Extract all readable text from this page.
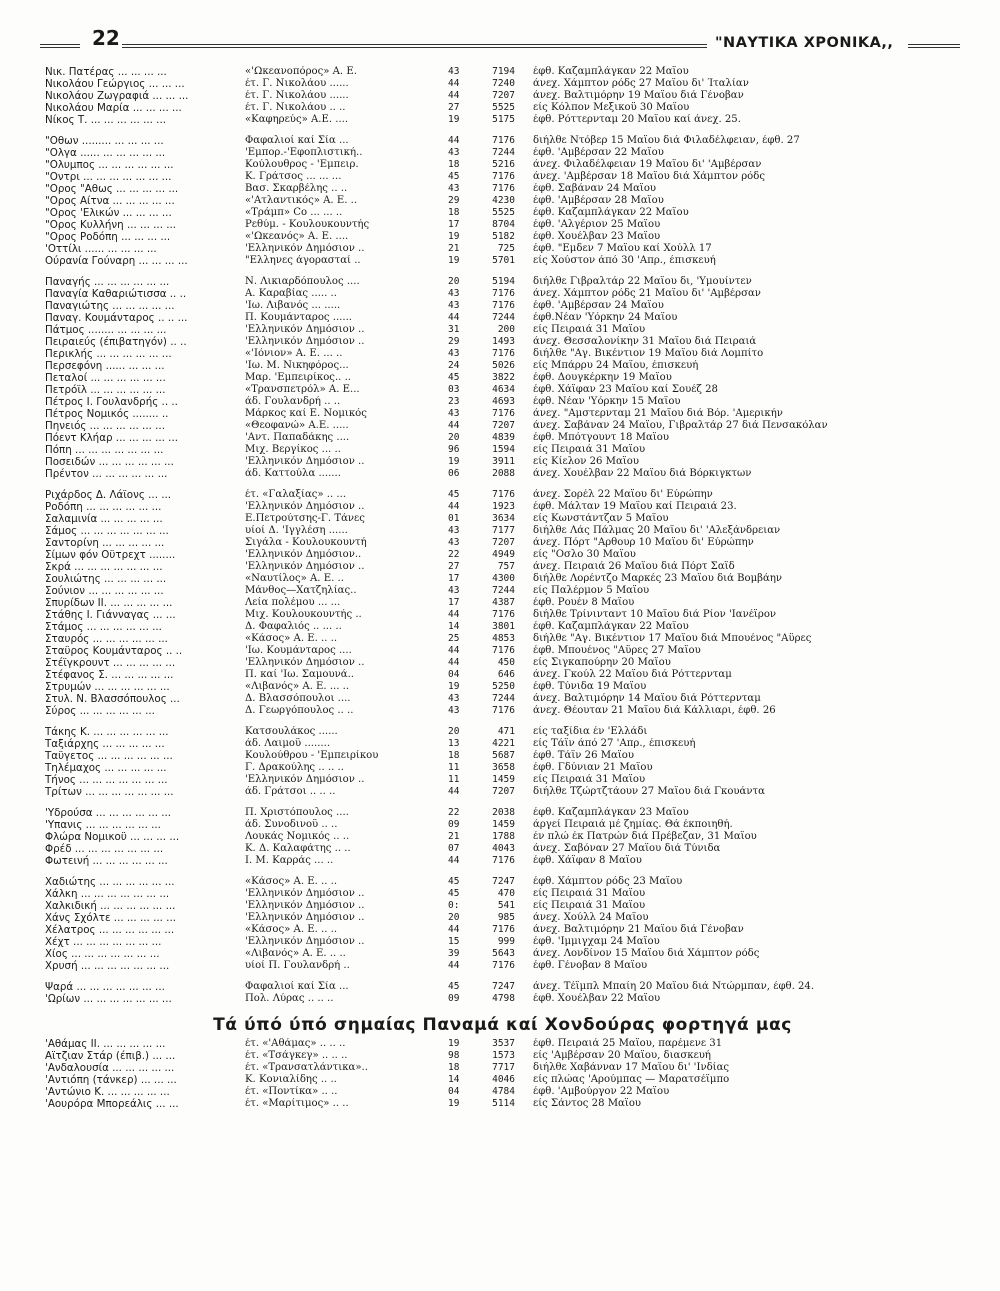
22	"ΝΑΥΤΙΚΑ ΧΡΟΝΙΚΑ,,
Νικ. Πατέρας ... ... ... ...	«'Ωκεανοπόρος» Α. Ε.	43	7194 έφθ. Καζαμπλάγκαν 22 Μαΐου
Νικολάου Γεώργιος ... ... ...	έτ. Γ. Νικολάου ......	44	7240 άνεχ. Χάμπτον ρόδς 27 Μαΐου δι' Ίταλίαν
Νικολάου Ζωγραφιά ... ... ...	έτ. Γ. Νικολάου ......	44	7207 άνεχ. Βαλτιμόρην 19 Μαΐου διά Γένοβαν
Νικολάου Μαρία ... ... ... ...	έτ. Γ. Νικολάου .. ..	27	5525 είς Κόλπον Μεξικοϋ 30 Μαΐου
Νίκος Τ. ... ... ... ... ... ...	«Καφηρεύς» Α.Ε. ....	19	5175 έφθ. Ρόττερνταμ 20 Μαΐου καί άνεχ. 25.
"Οθων ......... ... ... ... ...	Φαφαλιοί καί Σία ...	44	7176 διήλθε Ντόβερ 15 Μαΐου διά Φιλαδέλφειαν, έφθ. 27
"Ολγα ...... ... ... ... ... ...	'Εμπορ.-'Εφοπλιστική..	43	7244 έφθ. 'Αμβέρσαν 22 Μαΐου
"Ολυμπος ... ... ... ... ... ...	Κούλουθρος - 'Εμπειρ.	18	5216 άνεχ. Φιλαδέλφειαν 19 Μαΐου δι' 'Αμβέρσαν
"Οντρι ... ... ... ... ... ... ...	Κ. Γράτσος ... ... ...	45	7176 άνεχ. 'Αμβέρσαν 18 Μαΐου διά Χάμπτον ρόδς
"Ορος "Αθως ... ... ... ... ...	Βασ. Σκαρβέλης .. ..	43	7176 έφθ. Σαβάναν 24 Μαΐου
"Ορος Αίτνα ... ... ... ... ...	«'Ατλαντικός» Α. Ε. ..	29	4230 έφθ. 'Αμβέρσαν 28 Μαΐου
"Ορος 'Ελικών ... ... ... ...	«Τράμπ» Co ... ... ..	18	5525 έφθ. Καζαμπλάγκαν 22 Μαΐου
"Ορος Κυλλήνη ... ... ... ...	Ρεθύμ. - Κουλουκουντής	17	8704 έφθ. 'Αλγέριον 25 Μαΐου
"Ορος Ροδόπη ... ... ... ...	«'Ωκεανός» Α. Ε. ....	19	5182 έφθ. Χουέλβαν 23 Μαΐου
'Οττίλι ...... ... ... ... ...	'Ελληνικόν Δημόσιον ..	21	725 έφθ. "Εμδεν 7 Μαΐου καί Χούλλ 17
Ούρανία Γούναρη ... ... ... ...	"Ελληνες άγορασταί ..	19	5701 είς Χούστον άπό 30 'Απρ., έπισκευή
Παναγής ... ... ... ... ... ...	Ν. Λικιαρδόπουλος ....	20	5194 διήλθε Γιβραλτάρ 22 Μαΐου δι, 'Υμουίντεν
Παναγία Καθαριώτισσα .. ..	Α. Καραβίας ..... ..	43	7176 άνεχ. Χάμπτον ρόδς 21 Μαΐου δι' 'Αμβέρσαν
Παναγιώτης ... ... ... ... ...	'Ιω. Λιβανός ... .....	43	7176 έφθ. 'Αμβέρσαν 24 Μαΐου
Παναγ. Κουμάνταρος .. .. ...	Π. Κουμάνταρος ......	44	7244 έφθ.Νέαν 'Υόρκην 24 Μαΐου
Πάτμος ........ ... ... ... ...	'Ελληνικόν Δημόσιον ..	31	200 είς Πειραιά 31 Μαΐου
Πειραιεύς (έπιβατηγόν) .. ..	'Ελληνικόν Δημόσιον ..	29	1493 άνεχ. Θεσσαλονίκην 31 Μαΐου διά Πειραιά
Περικλής ... ... ... ... ... ...	«'Ιόνιον» Α. Ε. ... ..	43	7176 διήλθε "Αγ. Βικέντιον 19 Μαΐου διά Λομπίτο
Περσεφόνη ...... ... ... ...	'Ιω. Μ. Νικηφόρος...	24	5026 είς Μπάρρυ 24 Μαΐου, έπισκευή
Πεταλοί ... ... ... ... ... ...	Μαρ. 'Εμπειρίκος.. ..	45	3822 έφθ. Δουγκέρκην 19 Μαΐου
Πετρόϊλ ... ... ... ... ... ...	«Τρανσπετρόλ» Α. Ε...	03	4634 έφθ. Χάϊφαν 23 Μαΐου καί Σουέζ 28
Πέτρος Ι. Γουλανδρής .. ..	άδ. Γουλανδρή .. ..	23	4693 έφθ. Νέαν 'Υόρκην 15 Μαΐου
Πέτρος Νομικός ........ ..	Μάρκος καί Ε. Νομικός	43	7176 άνεχ. "Αμστερνταμ 21 Μαΐου διά Βόρ. 'Αμερικήν
Πηνειός ... ... ... ... ... ...	«Θεοφανώ» Α.Ε. .....	44	7207 άνεχ. Σαβάναν 24 Μαΐου, Γιβραλτάρ 27 διά Πενσακόλαν
Πόεντ Κλήαρ ... ... ... ... ...	'Αντ. Παπαδάκης ....	20	4839 έφθ. Μπότγουντ 18 Μαΐου
Πόπη ... ... ... ... ... ... ...	Μιχ. Βεργίκος ... ..	96	1594 είς Πειραιά 31 Μαΐου
Ποσειδών ... ... ... ... ... ...	'Ελληνικόν Δημόσιον ..	19	3911 είς Κίελον 26 Μαΐου
Πρέντον ... ... ... ... ... ...	άδ. Καττούλα .......	06	2088 άνεχ. Χουέλβαν 22 Μαΐου διά Βόρκιγκτων
Ριχάρδος Δ. Λάϊονς ... ...	έτ. «Γαλαξίας» .. ...	45	7176 άνεχ. Σορέλ 22 Μαΐου δι' Εύρώπην
Ροδόπη ... ... ... ... ... ...	'Ελληνικόν Δημόσιον ..	44	1923 έφθ. Μάλταν 19 Μαΐου καί Πειραιά 23.
Σαλαμινία ... ... ... ... ...	Ε.Πετρούτσης-Γ. Τάνες	01	3634 είς Κωνστάντζαν 5 Μαΐου
Σάμος ... ... ... ... ... ... ...	υίοί Δ. 'Ιγγλέση ......	43	7177 διήλθε Λάς Πάλμας 20 Μαΐου δι' 'Αλεξάνδρειαν
Σαντορίνη ... ... ... ... ...	Σιγάλα - Κουλουκουντή	43	7207 άνεχ. Πόρτ "Αρθουρ 10 Μαΐου δι' Εύρώπην
Σίμων φόν Οϋτρεχτ ........	'Ελληνικόν Δημόσιον..	22	4949 είς "Οσλο 30 Μαΐου
Σκρά ... ... ... ... ... ... ...	'Ελληνικόν Δημόσιον ..	27	757 άνεχ. Πειραιά 26 Μαΐου διά Πόρτ Σαΐδ
Σουλιώτης ... ... ... ... ...	«Ναυτίλος» Α. Ε. ..	17	4300 διήλθε Λορέντζο Μαρκές 23 Μαΐου διά Βομβάην
Σούνιον ... ... ... ... ... ...	Μάνθος—Χατζηλίας..	43	7244 είς Παλέρμον 5 Μαΐου
Σπυρίδων ΙΙ. ... ... ... ... ...	Λεία πολέμου ... ...	17	4387 έφθ. Ρουέν 8 Μαΐου
Στάθης Ι. Γιάνναγας ... ...	Μιχ. Κουλουκουντής ..	44	7176 διήλθε Τρίνινταντ 10 Μαΐου διά Ρίον 'Ιανέϊρον
Στάμος ... ... ... ... ... ...	Δ. Φαφαλιός .. ... ..	14	3801 έφθ. Καζαμπλάγκαν 22 Μαΐου
Σταυρός ... ... ... ... ... ...	«Κάσος» Α. Ε. .. ..	25	4853 διήλθε "Αγ. Βικέντιον 17 Μαΐου διά Μπουένος "Αϋρες
Σταϋρος Κουμάνταρος .. ..	'Ιω. Κουμάνταρος ....	44	7176 έφθ. Μπουένος "Αϋρες 27 Μαΐου
Στέϊγκρουντ ... ... ... ... ...	'Ελληνικόν Δημόσιον ..	44	450 είς Σιγκαπούρην 20 Μαΐου
Στέφανος Σ. ... ... ... ... ...	Π. καί 'Ιω. Σαμουνά..	04	646 άνεχ. Γκούλ 22 Μαΐου διά Ρόττερνταμ
Στρυμών ... ... ... ... ... ...	«Λιβανός» Α. Ε. ... ..	19	5250 έφθ. Τύνιδα 19 Μαΐου
Στυλ. Ν. Βλασσόπουλος ...	Δ. Βλασσόπουλοι ....	43	7244 άνεχ. Βαλτιμόρην 14 Μαΐου διά Ρόττερνταμ
Σύρος ... ... ... ... ... ...	Δ. Γεωργόπουλος .. ..	43	7176 άνεχ. Θέουταν 21 Μαΐου διά Κάλλιαρι, έφθ. 26
Τάκης Κ. ... ... ... ... ... ...	Κατσουλάκος ......	20	471 είς ταξίδια έν 'Ελλάδι
Ταξιάρχης ... ... ... ... ...	άδ. Λαιμοϋ ........	13	4221 είς Τάϊν άπό 27 'Απρ., έπισκευή
Ταΰγετος ... ... ... ... ... ...	Κουλούθρου - 'Εμπειρίκου	18	5687 έφθ. Τάϊν 26 Μαΐου
Τηλέμαχος ... ... ... ... ...	Γ. Δρακούλης .. .. ..	11	3658 έφθ. Γδύνιαν 21 Μαΐου
Τήνος ... ... ... ... ... ... ...	'Ελληνικόν Δημόσιον ..	11	1459 είς Πειραιά 31 Μαΐου
Τρίτων ... ... ... ... ... ... ...	άδ. Γράτσοι .. .. ..	44	7207 διήλθε Τζώρτζτάουν 27 Μαΐου διά Γκουάντα
'Υδρούσα ... ... ... ... ... ...	Π. Χριστόπουλος ....	22	2038 έφθ. Καζαμπλάγκαν 23 Μαΐου
'Υπανις ... ... ... ... ... ...	άδ. Συνοδινοϋ .. ..	09	1459 άργεί Πειραιά μέ ζημίας. Θά έκποιηθή.
Φλώρα Νομικοϋ ... ... ... ...	Λουκάς Νομικός .. ..	21	1788 έν πλώ έκ Πατρών διά Πρέβεζαν, 31 Μαΐου
Φρέδ ... ... ... ... ... ... ...	Κ. Δ. Καλαφάτης .. ..	07	4043 άνεχ. Σαβόναν 27 Μαΐου διά Τύνιδα
Φωτεινή ... ... ... ... ... ...	Ι. Μ. Καρράς ... ..	44	7176 έφθ. Χάϊφαν 8 Μαΐου
Χαδιώτης ... ... ... ... ... ...	«Κάσος» Α. Ε. .. ..	45	7247 έφθ. Χάμπτον ρόδς 23 Μαΐου
Χάλκη ... ... ... ... ... ... ...	'Ελληνικόν Δημόσιον ..	45	470 είς Πειραιά 31 Μαΐου
Χαλκιδική ... ... ... ... ... ...	'Ελληνικόν Δημόσιον ..	0:	541 είς Πειραιά 31 Μαΐου
Χάνς Σχόλτε ... ... ... ... ...	'Ελληνικόν Δημόσιον ..	20	985 άνεχ. Χούλλ 24 Μαΐου
Χέλατρος ... ... ... ... ... ...	«Κάσος» Α. Ε. .. ..	44	7176 άνεχ. Βαλτιμόρην 21 Μαΐου διά Γένοβαν
Χέχτ ... ... ... ... ... ... ...	'Ελληνικόν Δημόσιον ..	15	999 έφθ. 'Ιμμιγχαμ 24 Μαΐου
Χίος ... ... ... ... ... ... ...	«Λιβανός» Α. Ε. .. ..	39	5643 άνεχ. Λονδίνον 15 Μαΐου διά Χάμπτον ρόδς
Χρυσή ... ... ... ... ... ... ...	υίοί Π. Γουλανδρή ..	44	7176 έφθ. Γένοβαν 8 Μαΐου
Ψαρά ... ... ... ... ... ... ...	Φαφαλιοί καί Σία ...	45	7247 άνεχ. Τέϊμπλ Μπαίη 20 Μαΐου διά Ντώρμπαν, έφθ. 24.
'Ωρίων ... ... ... ... ... ... ...	Πολ. Λύρας .. .. ..	09	4798 έφθ. Χουέλβαν 22 Μαΐου
Τά ύπό ύπό σημαίας Παναμά καί Χονδούρας φορτηγά μας
'Αθάμας ΙΙ. ... ... ... ... ...	έτ. «'Αθάμας» .. .. ..	19	3537 έφθ. Πειραιά 25 Μαΐου, παρέμενε 31
Αϊτζιαν Στάρ (έπιβ.) ... ...	έτ. «Τσάγκεγ» .. .. ..	98	1573 είς 'Αμβέρσαν 20 Μαΐου, διασκευή
'Ανδαλουσία ... ... ... ... ...	έτ. «Τρανσατλάντικα»..	18	7717 διήλθε Χαβάνναν 17 Μαΐου δι' 'Ινδίας
'Αντιόπη (τάνκερ) ... ... ...	Κ. Κονιαλίδης .. ..	14	4046 είς πλώας 'Αρούμπας — Μαρατσέϊμπο
'Αντώνιο Κ. ... ... ... ... ...	έτ. «Ποντίκα» .. ..	04	4784 έφθ. 'Αμβούργον 22 Μαΐου
'Αουρόρα Μπορεάλις ... ...	έτ. «Μαρίτιμος» .. ..	19	5114 είς Σάντος 28 Μαΐου
